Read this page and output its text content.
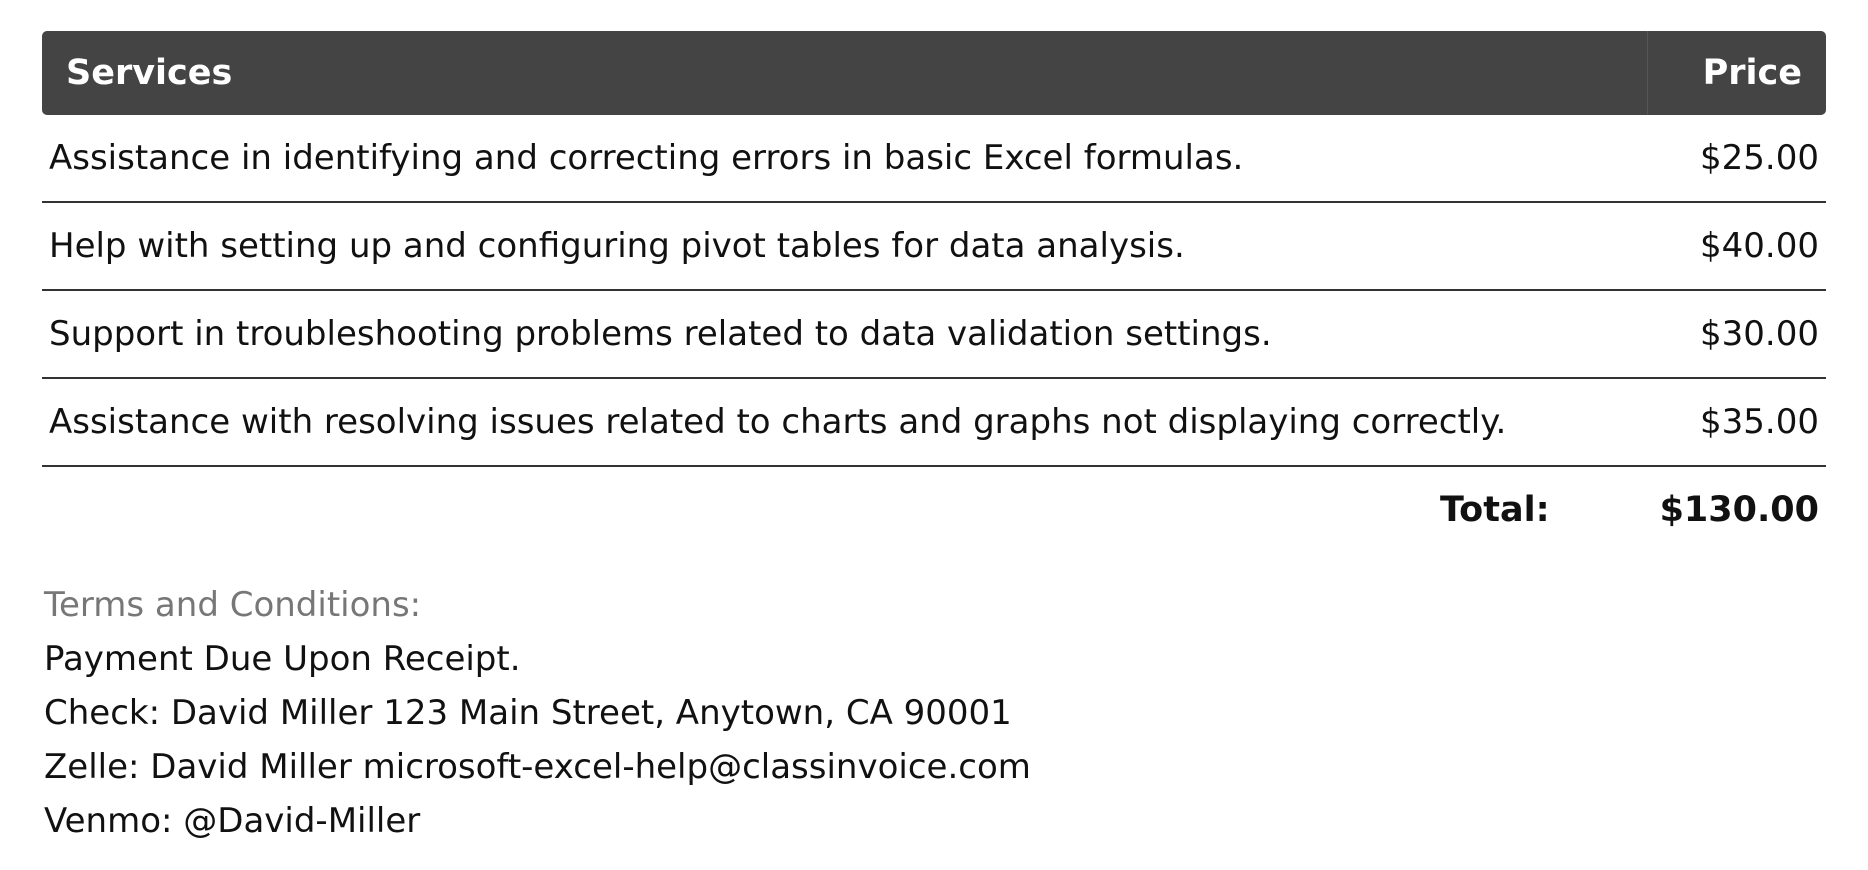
Services	Price
Assistance in identifying and correcting errors in basic Excel formulas.	$25.00
Help with setting up and configuring pivot tables for data analysis.	$40.00
Support in troubleshooting problems related to data validation settings.	$30.00
Assistance with resolving issues related to charts and graphs not displaying correctly.	$35.00
Total:	$130.00
Terms and Conditions:
Payment Due Upon Receipt.
Check: David Miller 123 Main Street, Anytown, CA 90001
Zelle: David Miller microsoft-excel-help@classinvoice.com
Venmo: @David-Miller
